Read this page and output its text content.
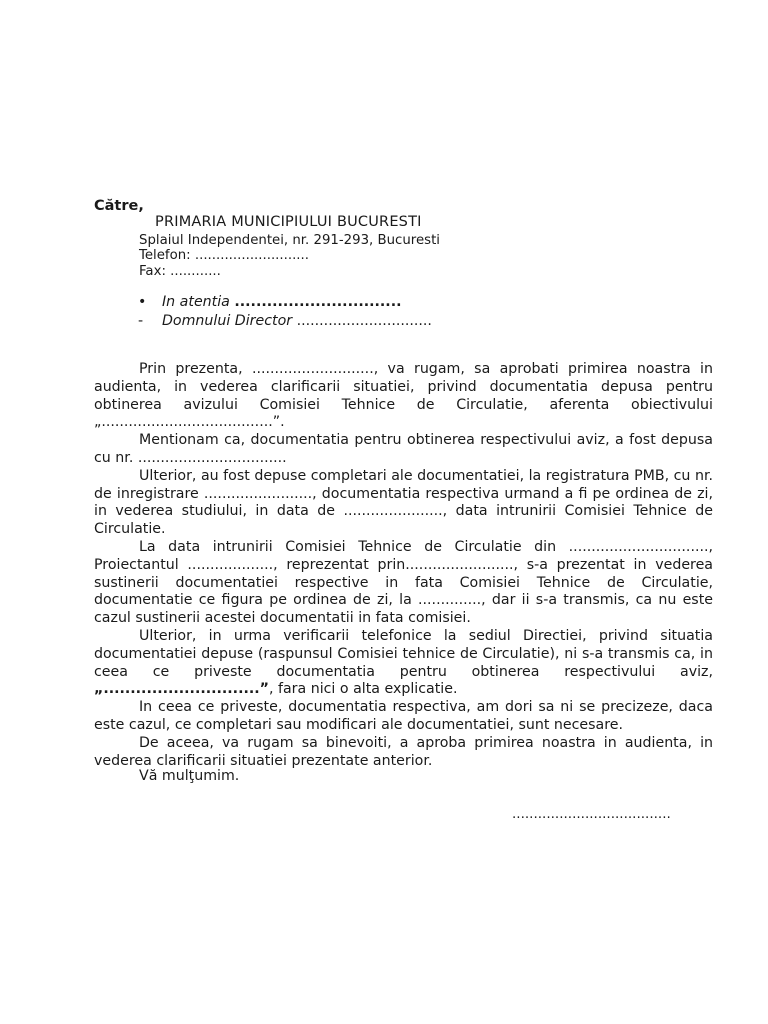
Către,

PRIMARIA MUNICIPIULUI BUCURESTI

Splaiul Independentei, nr. 291-293, Bucuresti

Telefon: ...........................

Fax: ............

• In atentia ...............................

- Domnului Director ..............................

Prin prezenta, ..........................., va rugam, sa aprobati primirea noastra in audienta, in vederea clarificarii situatiei, privind documentatia depusa pentru obtinerea avizului Comisiei Tehnice de Circulatie, aferenta obiectivului „......................................”.

Mentionam ca, documentatia pentru obtinerea respectivului aviz, a fost depusa cu nr. .................................

Ulterior, au fost depuse completari ale documentatiei, la registratura PMB, cu nr. de inregistrare ........................, documentatia respectiva urmand a fi pe ordinea de zi, in vederea studiului, in data de ......................, data intrunirii Comisiei Tehnice de Circulatie.

La data intrunirii Comisiei Tehnice de Circulatie din ..............................., Proiectantul ..................., reprezentat prin........................, s-a prezentat in vederea sustinerii documentatiei respective in fata Comisiei Tehnice de Circulatie, documentatie ce figura pe ordinea de zi, la .............., dar ii s-a transmis, ca nu este cazul sustinerii acestei documentatii in fata comisiei.

Ulterior, in urma verificarii telefonice la sediul Directiei, privind situatia documentatiei depuse (raspunsul Comisiei tehnice de Circulatie), ni s-a transmis ca, in ceea ce priveste documentatia pentru obtinerea respectivului aviz, „.............................”, fara nici o alta explicatie.

In ceea ce priveste, documentatia respectiva, am dori sa ni se precizeze, daca este cazul, ce completari sau modificari ale documentatiei, sunt necesare.

De aceea, va rugam sa binevoiti, a aproba primirea noastra in audienta, in vederea clarificarii situatiei prezentate anterior.

Vă mulţumim.

.....................................
